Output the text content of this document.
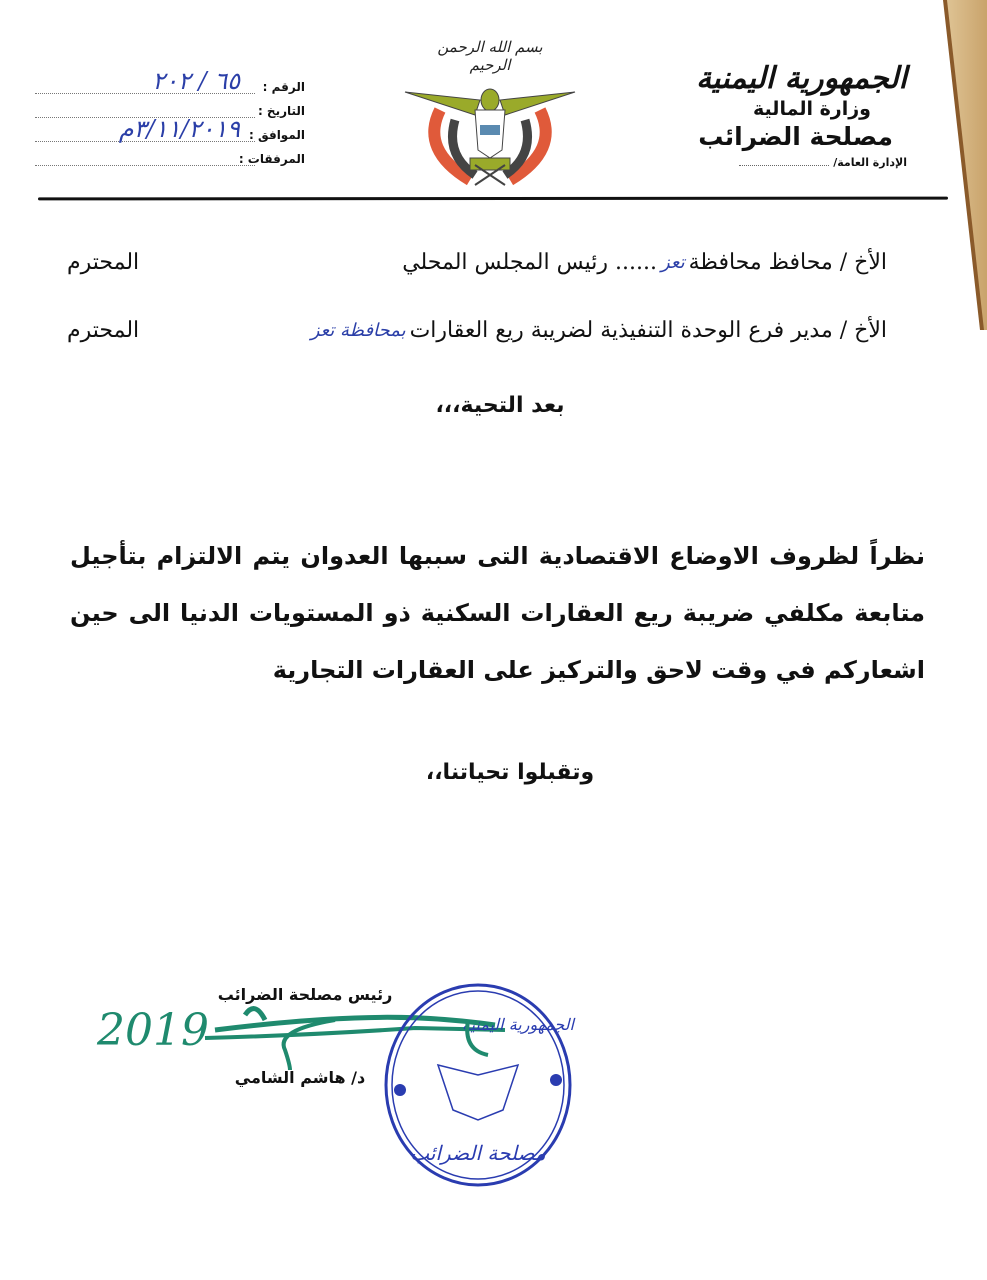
الجمهورية اليمنية
وزارة المالية
مصلحة الضرائب
الإدارة العامة/
بسم الله الرحمن الرحيم
الرقم :
٦٥ / ٢٠٢
التاريخ :
الموافق :
٣/١١/٢٠١٩م
المرفقات :
الأخ / محافظ محافظة
تعز
...... رئيس المجلس المحلي
المحترم
الأخ / مدير فرع الوحدة التنفيذية لضريبة ريع العقارات
بمحافظة تعز
المحترم
بعد التحية،،،
نظراً لظروف الاوضاع الاقتصادية التى سببها العدوان يتم الالتزام بتأجيل متابعة مكلفي ضريبة ريع العقارات السكنية ذو المستويات الدنيا الى حين اشعاركم في وقت لاحق والتركيز على العقارات التجارية
وتقبلوا تحياتنا،،
رئيس مصلحة الضرائب
2019
د/ هاشم الشامي
الجمهورية اليمنية
مصلحة الضرائب
